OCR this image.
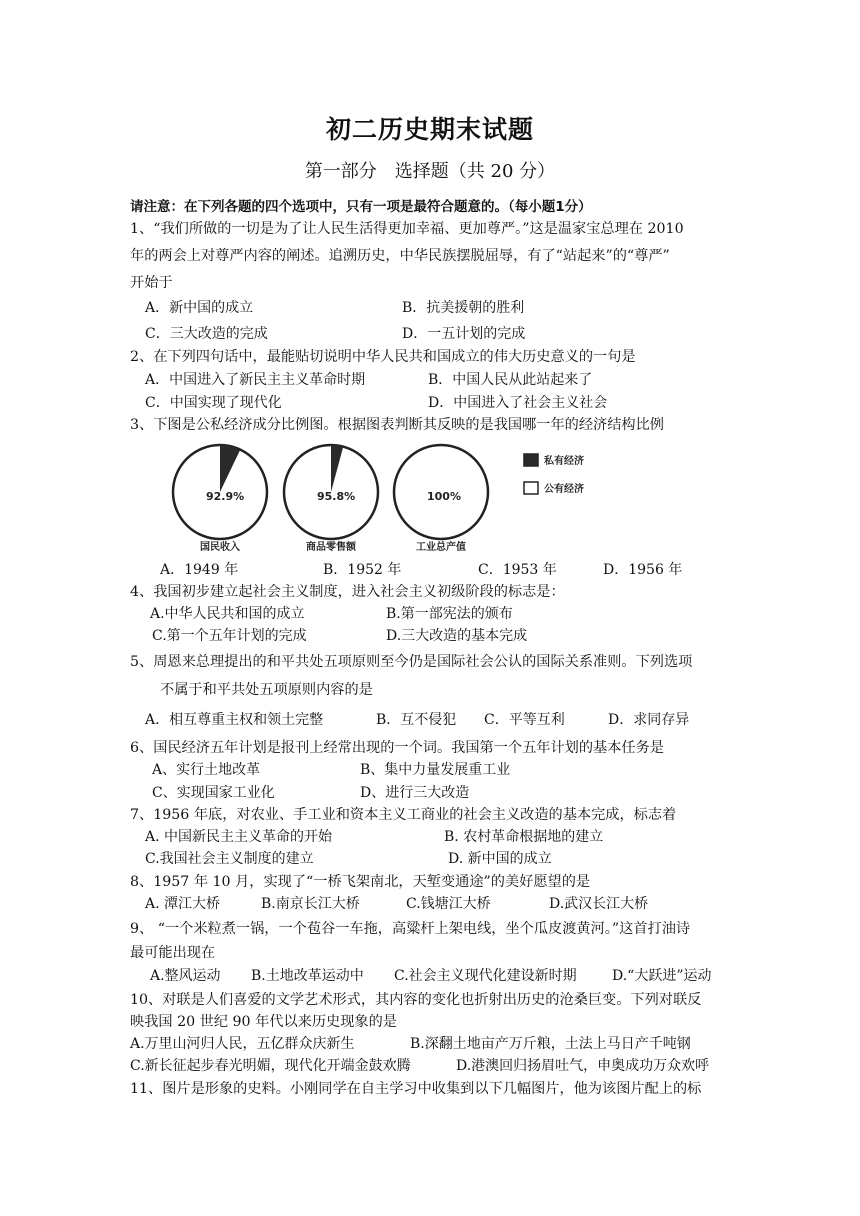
初二历史期末试题
第一部分　选择题（共 20 分）
请注意：在下列各题的四个选项中，只有一项是最符合题意的。（每小题1分）
1、“我们所做的一切是为了让人民生活得更加幸福、更加尊严。”这是温家宝总理在 2010
年的两会上对尊严内容的阐述。追溯历史，中华民族摆脱屈辱，有了“站起来”的“尊严”
开始于
A．新中国的成立	B．抗美援朝的胜利
C．三大改造的完成	D．一五计划的完成
2、在下列四句话中，最能贴切说明中华人民共和国成立的伟大历史意义的一句是
A．中国进入了新民主主义革命时期	B．中国人民从此站起来了
C．中国实现了现代化	D．中国进入了社会主义社会
3、下图是公私经济成分比例图。根据图表判断其反映的是我国哪一年的经济结构比例
92.9%
国民收入
95.8%
商品零售额
100%
工业总产值
私有经济
公有经济
A．1949 年	B．1952 年	C．1953 年	D．1956 年
4、我国初步建立起社会主义制度，进入社会主义初级阶段的标志是：
A.中华人民共和国的成立	B.第一部宪法的颁布
C.第一个五年计划的完成	D.三大改造的基本完成
5、周恩来总理提出的和平共处五项原则至今仍是国际社会公认的国际关系准则。下列选项
不属于和平共处五项原则内容的是
A．相互尊重主权和领土完整	B．互不侵犯 C．平等互利	D．求同存异
6、国民经济五年计划是报刊上经常出现的一个词。我国第一个五年计划的基本任务是
A、实行土地改革	B、集中力量发展重工业
C、实现国家工业化	D、进行三大改造
7、1956 年底，对农业、手工业和资本主义工商业的社会主义改造的基本完成，标志着
A. 中国新民主主义革命的开始	B. 农村革命根据地的建立
C.我国社会主义制度的建立	D. 新中国的成立
8、1957 年 10 月，实现了“一桥飞架南北，天堑变通途”的美好愿望的是
A. 潭江大桥	B.南京长江大桥	C.钱塘江大桥	D.武汉长江大桥
9、 “一个米粒煮一锅，一个苞谷一车拖，高粱杆上架电线，坐个瓜皮渡黄河。”这首打油诗
最可能出现在
A.整风运动 B.土地改革运动中 C.社会主义现代化建设新时期	D.“大跃进”运动
10、对联是人们喜爱的文学艺术形式，其内容的变化也折射出历史的沧桑巨变。下列对联反
映我国 20 世纪 90 年代以来历史现象的是
A.万里山河归人民，五亿群众庆新生	B.深翻土地亩产万斤粮，土法上马日产千吨钢
C.新长征起步春光明媚，现代化开端金鼓欢腾	D.港澳回归扬眉吐气，申奥成功万众欢呼
11、图片是形象的史料。小刚同学在自主学习中收集到以下几幅图片，他为该图片配上的标
